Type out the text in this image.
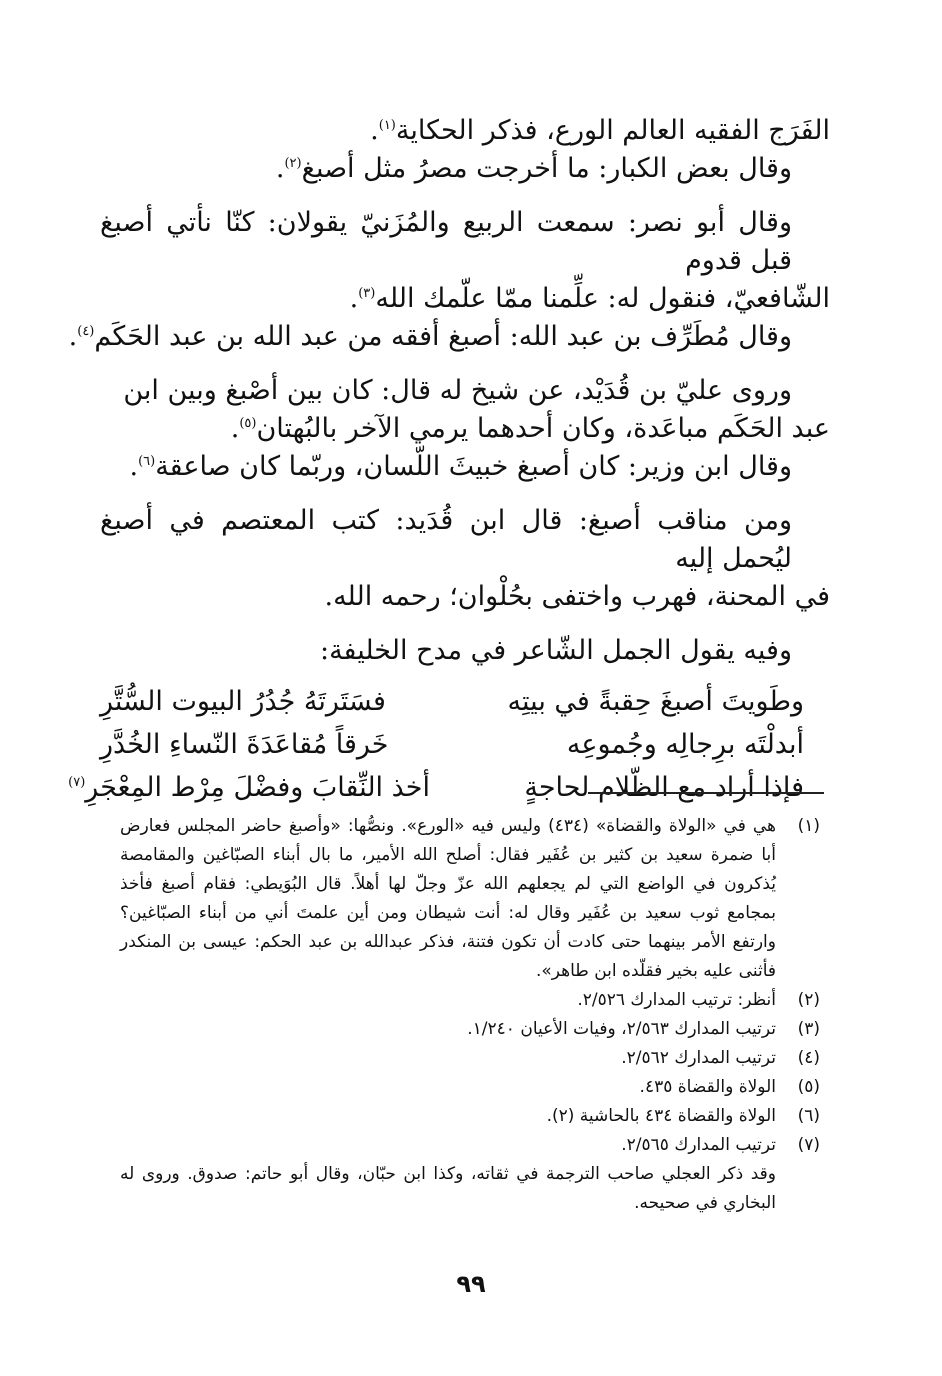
الفَرَج الفقيه العالم الورع، فذكر الحكاية$^{(١)}$.
وقال بعض الكبار: ما أخرجت مصرُ مثل أصبغ$^{(٢)}$.
وقال أبو نصر: سمعت الربيع والمُزَنيّ يقولان: كنّا نأتي أصبغ قبل قدوم
الشّافعيّ، فنقول له: علِّمنا ممّا علّمك الله$^{(٣)}$.
وقال مُطَرِّف بن عبد الله: أصبغ أفقه من عبد الله بن عبد الحَكَم$^{(٤)}$.
وروى عليّ بن قُدَيْد، عن شيخ له قال: كان بين أصْبغ وبين ابن
عبد الحَكَم مباعَدة، وكان أحدهما يرمي الآخر بالبُهتان$^{(٥)}$.
وقال ابن وزير: كان أصبغ خبيثَ اللّسان، وربّما كان صاعقة$^{(٦)}$.
ومن مناقب أصبغ: قال ابن قُدَيد: كتب المعتصم في أصبغ ليُحمل إليه
في المحنة، فهرب واختفى بحُلْوان؛ رحمه الله.
وفيه يقول الجمل الشّاعر في مدح الخليفة:
وطَويتَ أصبغَ حِقبةً في بيتِه
فسَتَرتَهُ جُدُرُ البيوت السُّتَّرِ
أبدلْتَه برِجالِه وجُموعِه
خَرقاً مُقاعَدَةَ النّساءِ الخُدَّرِ
فإذا أراد مع الظّلام لحاجةٍ
أخذ النِّقابَ وفضْلَ مِرْط المِعْجَرِ$^{(٧)}$
(١)
هي في «الولاة والقضاة» (٤٣٤) وليس فيه «الورع». ونصُّها: «وأصبغ حاضر المجلس فعارض أبا ضمرة سعيد بن كثير بن عُفَير فقال: أصلح الله الأمير، ما بال أبناء الصبّاغين والمقامصة يُذكرون في الواضع التي لم يجعلهم الله عزّ وجلّ لها أهلاً. قال البُوَيطي: فقام أصبغ فأخذ بمجامع ثوب سعيد بن عُفَير وقال له: أنت شيطان ومن أين علمتَ أني من أبناء الصبّاغين؟ وارتفع الأمر بينهما حتى كادت أن تكون فتنة، فذكر عبدالله بن عبد الحكم: عيسى بن المنكدر فأثنى عليه بخير فقلّده ابن طاهر».
(٢)
أنظر: ترتيب المدارك ٢/٥٢٦.
(٣)
ترتيب المدارك ٢/٥٦٣، وفيات الأعيان ١/٢٤٠.
(٤)
ترتيب المدارك ٢/٥٦٢.
(٥)
الولاة والقضاة ٤٣٥.
(٦)
الولاة والقضاة ٤٣٤ بالحاشية (٢).
(٧)
ترتيب المدارك ٢/٥٦٥.
وقد ذكر العجلي صاحب الترجمة في ثقاته، وكذا ابن حبّان، وقال أبو حاتم: صدوق. وروى له البخاري في صحيحه.
٩٩
